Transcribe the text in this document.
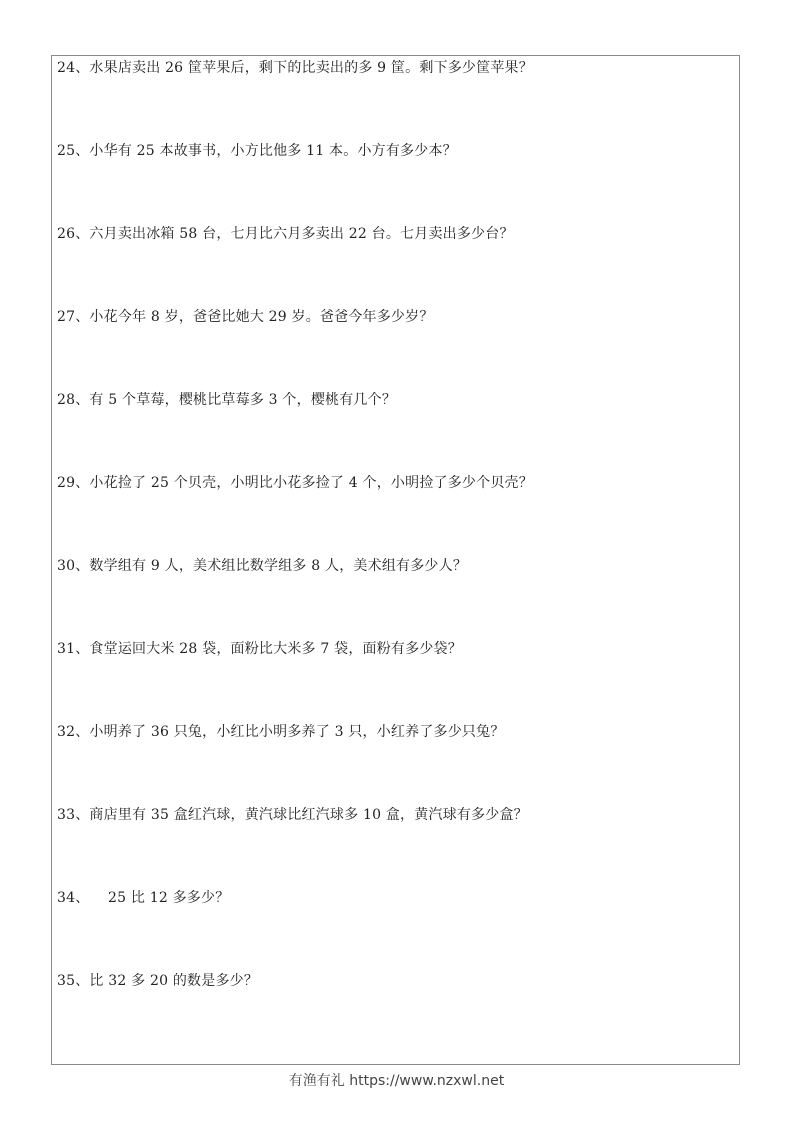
24、水果店卖出 26 筐苹果后，剩下的比卖出的多 9 筐。剩下多少筐苹果？
25、小华有 25 本故事书，小方比他多 11 本。小方有多少本？
26、六月卖出冰箱 58 台，七月比六月多卖出 22 台。七月卖出多少台？
27、小花今年 8 岁，爸爸比她大 29 岁。爸爸今年多少岁？
28、有 5 个草莓，樱桃比草莓多 3 个，樱桃有几个？
29、小花捡了 25 个贝壳，小明比小花多捡了 4 个，小明捡了多少个贝壳？
30、数学组有 9 人，美术组比数学组多 8 人，美术组有多少人？
31、食堂运回大米 28 袋，面粉比大米多 7 袋，面粉有多少袋？
32、小明养了 36 只兔，小红比小明多养了 3 只，小红养了多少只兔？
33、商店里有 35 盒红汽球，黄汽球比红汽球多 10 盒，黄汽球有多少盒？
34、    25 比 12 多多少？
35、比 32 多 20 的数是多少？
有渔有礼 https://www.nzxwl.net
